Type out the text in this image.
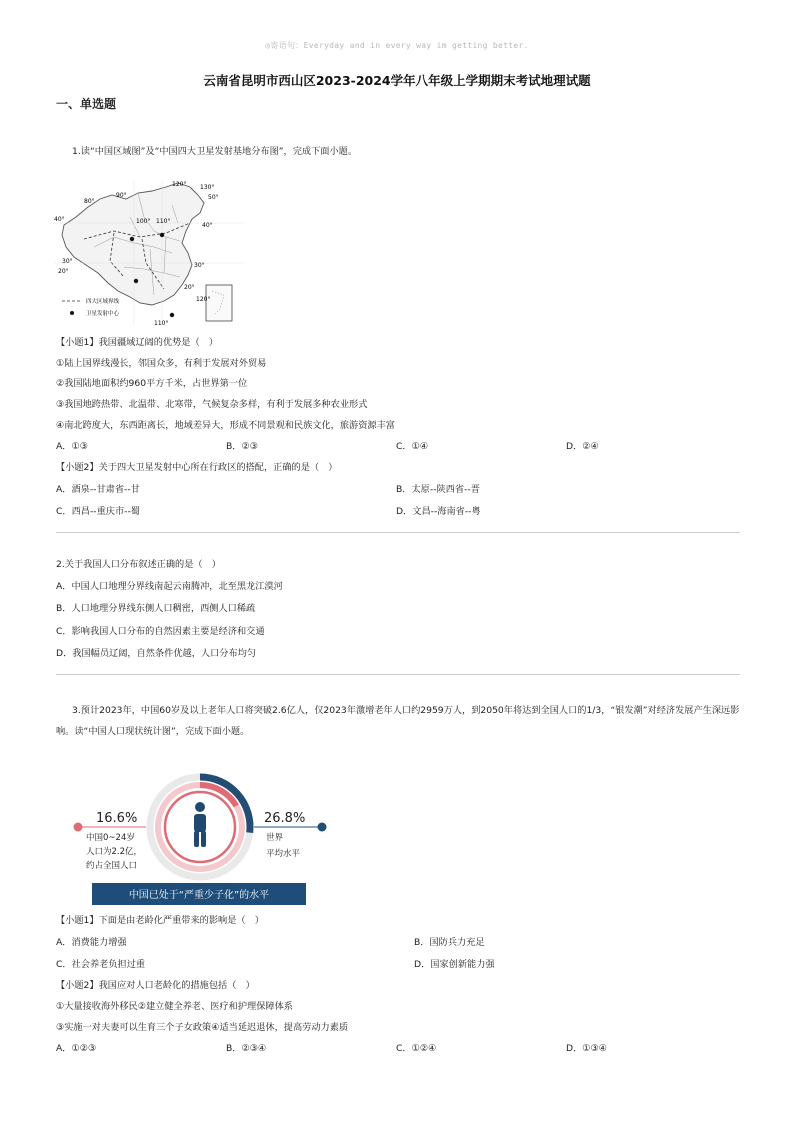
◎寄语句：Everyday and in every way im getting better.
云南省昆明市西山区2023-2024学年八年级上学期期末考试地理试题
一、单选题
1.读“中国区域图”及“中国四大卫星发射基地分布图”，完成下面小题。
120° 130°
50°
80°
90°
100° 110°
40°
40°
30°
30°
120°
110°
20°
20°
四大区域界线
卫星发射中心
【小题1】我国疆域辽阔的优势是（　）
①陆上国界线漫长，邻国众多，有利于发展对外贸易
②我国陆地面积约960平方千米，占世界第一位
③我国地跨热带、北温带、北寒带，气候复杂多样，有利于发展多种农业形式
④南北跨度大，东西距离长，地域差异大，形成不同景观和民族文化，旅游资源丰富
A．①③	B．②③	C．①④	D．②④
【小题2】关于四大卫星发射中心所在行政区的搭配，正确的是（　）
A．酒泉--甘肃省--甘	B．太原--陕西省--晋
C．西昌--重庆市--蜀	D．文昌--海南省--粤
2.关于我国人口分布叙述正确的是（　）
A．中国人口地理分界线南起云南腾冲，北至黑龙江漠河
B．人口地理分界线东侧人口稠密，西侧人口稀疏
C．影响我国人口分布的自然因素主要是经济和交通
D．我国幅员辽阔，自然条件优越，人口分布均匀
3.预计2023年，中国60岁及以上老年人口将突破2.6亿人，仅2023年激增老年人口约2959万人，到2050年将达到全国人口的1/3，“银发潮”对经济发展产生深远影响。读“中国人口现状统计图”，完成下面小题。
16.6%
中国0~24岁
人口为2.2亿，
约占全国人口
26.8%
世界
平均水平
中国已处于“严重少子化”的水平
【小题1】下面是由老龄化严重带来的影响是（　）
A．消费能力增强	B．国防兵力充足
C．社会养老负担过重	D．国家创新能力强
【小题2】我国应对人口老龄化的措施包括（　）
①大量接收海外移民②建立健全养老、医疗和护理保障体系
③实施一对夫妻可以生育三个子女政策④适当延迟退休，提高劳动力素质
A．①②③	B．②③④	C．①②④	D．①③④
